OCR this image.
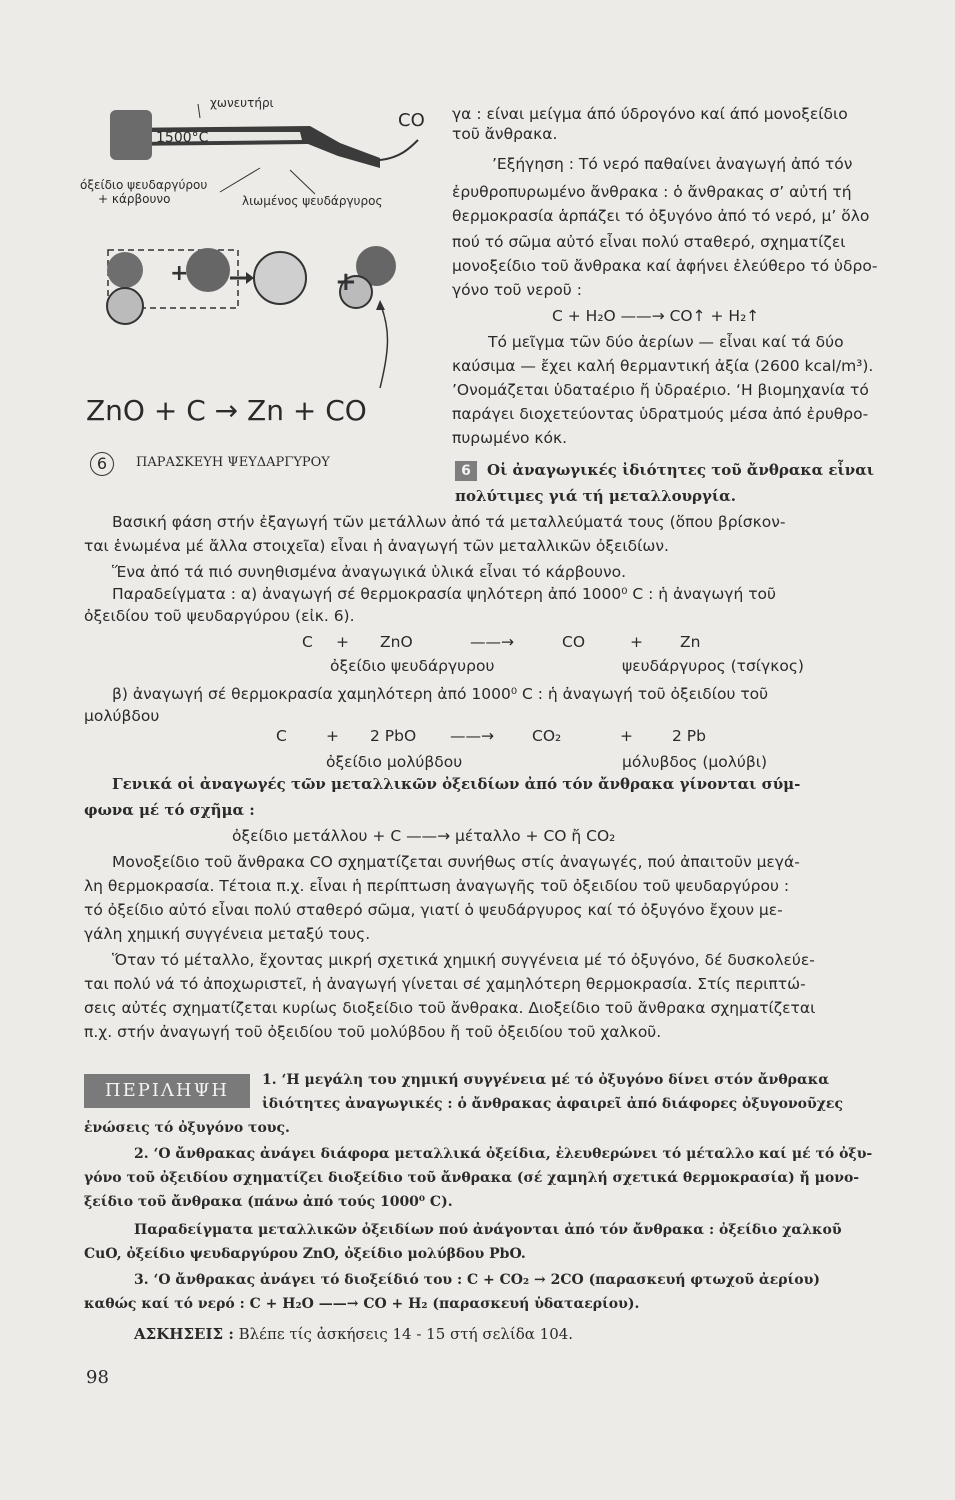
+	+
χωνευτήρι
1500°C
CO
όξείδιο ψευδαργύρου
+ κάρβουνο	λιωμένος ψευδάργυρος
ZnO + C → Zn + CO
6	ΠΑΡΑΣΚΕΥΗ ΨΕΥΔΑΡΓΥΡΟΥ
γα : είναι μείγμα άπό ύδρογόνο καί άπό μονοξείδιο
τοῦ ἄνθρακα.
’Εξήγηση : Τό νερό παθαίνει ἀναγωγή ἀπό τόν
ἐρυθροπυρωμένο ἄνθρακα : ὁ ἄνθρακας σ’ αὐτή τή
θερμοκρασία ἁρπάζει τό ὀξυγόνο ἀπό τό νερό, μ’ ὅλο
πού τό σῶμα αὐτό εἶναι πολύ σταθερό, σχηματίζει
μονοξείδιο τοῦ ἄνθρακα καί ἀφήνει ἐλεύθερο τό ὑδρο-
γόνο τοῦ νεροῦ :
C + H₂O ——→ CO↑ + H₂↑
Τό μεῖγμα τῶν δύο ἀερίων — εἶναι καί τά δύο
καύσιμα — ἔχει καλή θερμαντική ἀξία (2600 kcal/m³).
’Ονομάζεται ὑδαταέριο ἤ ὑδραέριο. ‘Η βιομηχανία τό
παράγει διοχετεύοντας ὑδρατμούς μέσα ἀπό ἐρυθρο-
πυρωμένο κόκ.
6 Οἱ ἀναγωγικές ἰδιότητες τοῦ ἄνθρακα εἶναι
πολύτιμες γιά τή μεταλλουργία.
Βασική φάση στήν ἐξαγωγή τῶν μετάλλων ἀπό τά μεταλλεύματά τους (ὅπου βρίσκον-
ται ἑνωμένα μέ ἄλλα στοιχεῖα) εἶναι ἡ ἀναγωγή τῶν μεταλλικῶν ὀξειδίων.
Ἕνα ἀπό τά πιό συνηθισμένα ἀναγωγικά ὑλικά εἶναι τό κάρβουνο.
Παραδείγματα : α) ἀναγωγή σέ θερμοκρασία ψηλότερη ἀπό 1000⁰ C : ἡ ἀναγωγή τοῦ
ὀξειδίου τοῦ ψευδαργύρου (εἰκ. 6).
C + ZnO	——→	CO	+ Zn
ὀξείδιο ψευδάργυρου	ψευδάργυρος (τσίγκος)
β) ἀναγωγή σέ θερμοκρασία χαμηλότερη ἀπό 1000⁰ C : ἡ ἀναγωγή τοῦ ὀξειδίου τοῦ
μολύβδου
C	+ 2 PbO ——→ CO₂	+	2 Pb
ὀξείδιο μολύβδου	μόλυβδος (μολύβι)
Γενικά οἱ ἀναγωγές τῶν μεταλλικῶν ὀξειδίων ἀπό τόν ἄνθρακα γίνονται σύμ-
φωνα μέ τό σχῆμα :
ὀξείδιο μετάλλου + C ——→ μέταλλο + CO ἤ CO₂
Μονοξείδιο τοῦ ἄνθρακα CO σχηματίζεται συνήθως στίς ἀναγωγές, πού ἀπαιτοῦν μεγά-
λη θερμοκρασία. Τέτοια π.χ. εἶναι ἡ περίπτωση ἀναγωγῆς τοῦ ὀξειδίου τοῦ ψευδαργύρου :
τό ὀξείδιο αὐτό εἶναι πολύ σταθερό σῶμα, γιατί ὁ ψευδάργυρος καί τό ὀξυγόνο ἔχουν με-
γάλη χημική συγγένεια μεταξύ τους.
Ὅταν τό μέταλλο, ἔχοντας μικρή σχετικά χημική συγγένεια μέ τό ὀξυγόνο, δέ δυσκολεύε-
ται πολύ νά τό ἀποχωριστεῖ, ἡ ἀναγωγή γίνεται σέ χαμηλότερη θερμοκρασία. Στίς περιπτώ-
σεις αὐτές σχηματίζεται κυρίως διοξείδιο τοῦ ἄνθρακα. Διοξείδιο τοῦ ἄνθρακα σχηματίζεται
π.χ. στήν ἀναγωγή τοῦ ὀξειδίου τοῦ μολύβδου ἤ τοῦ ὀξειδίου τοῦ χαλκοῦ.
ΠΕΡΙΛΗΨΗ	1. ‘Η μεγάλη του χημική συγγένεια μέ τό ὀξυγόνο δίνει στόν ἄνθρακα
ἰδιότητες ἀναγωγικές : ὁ ἄνθρακας ἀφαιρεῖ ἀπό διάφορες ὀξυγονοῦχες
ἑνώσεις τό ὀξυγόνο τους.
2. ‘Ο ἄνθρακας ἀνάγει διάφορα μεταλλικά ὀξείδια, ἐλευθερώνει τό μέταλλο καί μέ τό ὀξυ-
γόνο τοῦ ὀξειδίου σχηματίζει διοξείδιο τοῦ ἄνθρακα (σέ χαμηλή σχετικά θερμοκρασία) ἤ μονο-
ξείδιο τοῦ ἄνθρακα (πάνω ἀπό τούς 1000⁰ C).
Παραδείγματα μεταλλικῶν ὀξειδίων πού ἀνάγονται ἀπό τόν ἄνθρακα : ὀξείδιο χαλκοῦ
CuO, ὀξείδιο ψευδαργύρου ZnO, ὀξείδιο μολύβδου PbO.
3. ‘Ο ἄνθρακας ἀνάγει τό διοξείδιό του : C + CO₂ → 2CO (παρασκευή φτωχοῦ ἀερίου)
καθώς καί τό νερό : C + H₂O ——→ CO + H₂ (παρασκευή ὑδαταερίου).
ΑΣΚΗΣΕΙΣ : Βλέπε τίς ἀσκήσεις 14 - 15 στή σελίδα 104.
98
